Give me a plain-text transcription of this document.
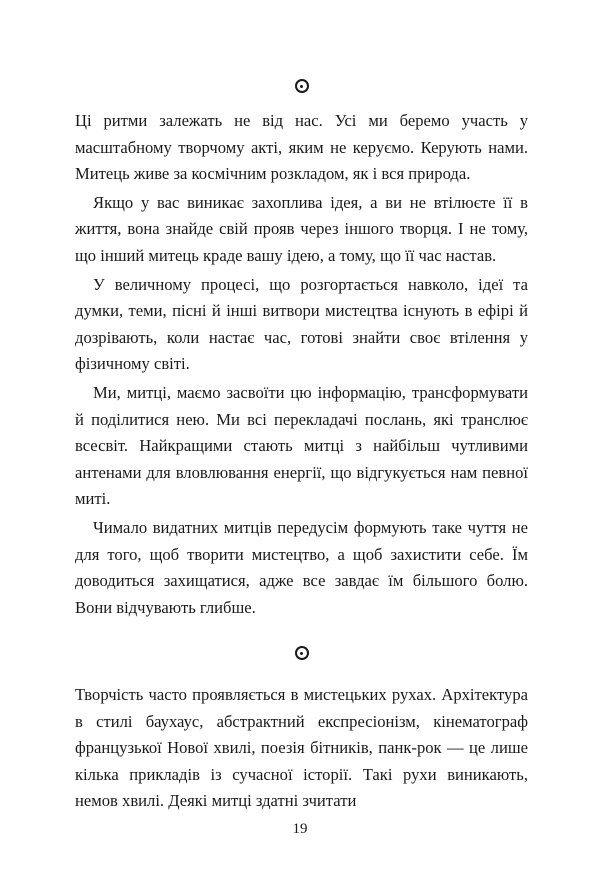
Ці ритми залежать не від нас. Усі ми беремо участь у масштабному творчому акті, яким не керуємо. Керують нами. Митець живе за космічним розкладом, як і вся природа.

Якщо у вас виникає захоплива ідея, а ви не втілюєте її в життя, вона знайде свій прояв через іншого творця. І не тому, що інший митець краде вашу ідею, а тому, що її час настав.

У величному процесі, що розгортається навколо, ідеї та думки, теми, пісні й інші витвори мистецтва існують в ефірі й дозрівають, коли настає час, готові знайти своє втілення у фізичному світі.

Ми, митці, маємо засвоїти цю інформацію, трансформувати й поділитися нею. Ми всі перекладачі послань, які транслює всесвіт. Найкращими стають митці з найбільш чутливими антенами для вловлювання енергії, що відгукується нам певної миті.

Чимало видатних митців передусім формують таке чуття не для того, щоб творити мистецтво, а щоб захистити себе. Їм доводиться захищатися, адже все завдає їм більшого болю. Вони відчувають глибше.

Творчість часто проявляється в мистецьких рухах. Архітектура в стилі баухаус, абстрактний експресіонізм, кінематограф французької Нової хвилі, поезія бітників, панк-рок — це лише кілька прикладів із сучасної історії. Такі рухи виникають, немов хвилі. Деякі митці здатні зчитати

19
